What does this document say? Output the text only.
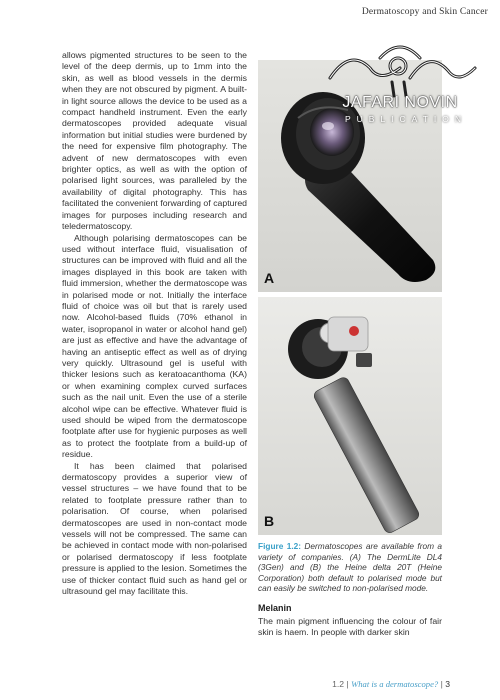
Dermatoscopy and Skin Cancer

allows pigmented structures to be seen to the level of the deep dermis, up to 1mm into the skin, as well as blood vessels in the dermis when they are not obscured by pigment. A built-in light source allows the device to be used as a compact handheld instrument. Even the early dermatoscopes provided adequate visual information but initial studies were burdened by the need for expensive film photography. The advent of new dermatoscopes with even brighter optics, as well as with the option of polarised light sources, was paralleled by the availability of digital photography. This has facilitated the convenient forwarding of captured images for purposes including research and teledermatoscopy.

Although polarising dermatoscopes can be used without interface fluid, visualisation of structures can be improved with fluid and all the images displayed in this book are taken with fluid immersion, whether the dermatoscope was in polarised mode or not. Initially the interface fluid of choice was oil but that is rarely used now. Alcohol-based fluids (70% ethanol in water, isopropanol in water or alcohol hand gel) are just as effective and have the advantage of having an antiseptic effect as well as of drying very quickly. Ultrasound gel is useful with thicker lesions such as keratoacanthoma (KA) or when examining complex curved surfaces such as the nail unit. Even the use of a sterile alcohol wipe can be effective. Whatever fluid is used should be wiped from the dermatoscope footplate after use for hygienic purposes as well as to protect the footplate from a build-up of residue.

It has been claimed that polarised dermatoscopy provides a superior view of vessel structures – we have found that to be related to footplate pressure rather than to polarisation. Of course, when polarised dermatoscopes are used in non-contact mode vessels will not be compressed. The same can be achieved in contact mode with non-polarised or polarised dermatoscopy if less footplate pressure is applied to the lesion. Sometimes the use of thicker contact fluid such as hand gel or ultrasound gel may facilitate this.

A
B
Figure 1.2: Dermatoscopes are available from a variety of companies. (A) The DermLite DL4 (3Gen) and (B) the Heine delta 20T (Heine Corporation) both default to polarised mode but can easily be switched to non-polarised mode.
Melanin
The main pigment influencing the colour of fair skin is haem. In people with darker skin
JAFARI NOVIN
PUBLICATION
1.2 | What is a dermatoscope? | 3
